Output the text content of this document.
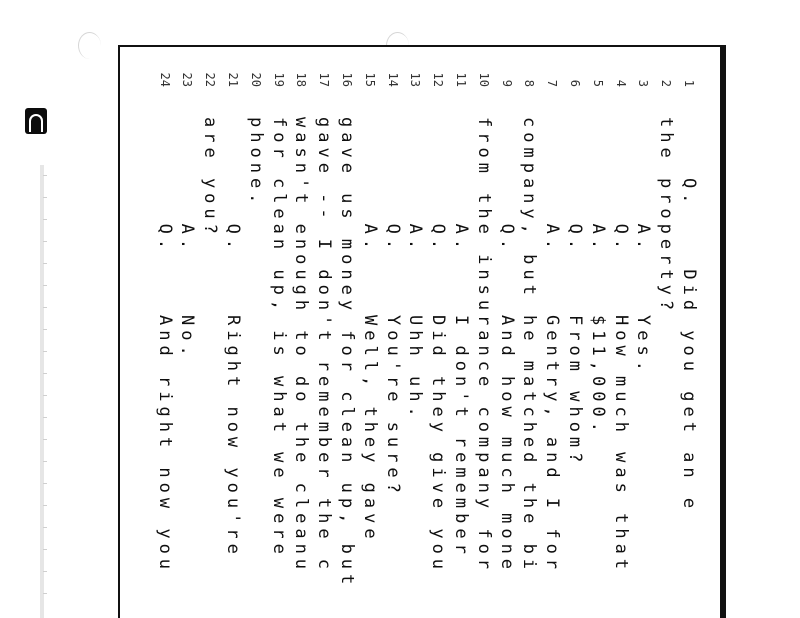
1
Q.    Did you get an e
2
the property?
3
A.    Yes.
4
Q.    How much was that
5
A.    $11,000.
6
Q.    From whom?
7
A.    Gentry, and I for
8
company, but he matched the bi
9
Q.    And how much mone
10
from the insurance company for
11
A.    I don't remember
12
Q.    Did they give you
13
A.    Uhh uh.
14
Q.    You're sure?
15
A.    Well, they gave
16
gave us money for clean up, but
17
gave -- I don't remember the c
18
wasn't enough to do the cleanu
19
for clean up, is what we were
20
phone.
21
Q.    Right now you're
22
are you?
23
A.    No.
24
Q.    And right now you
